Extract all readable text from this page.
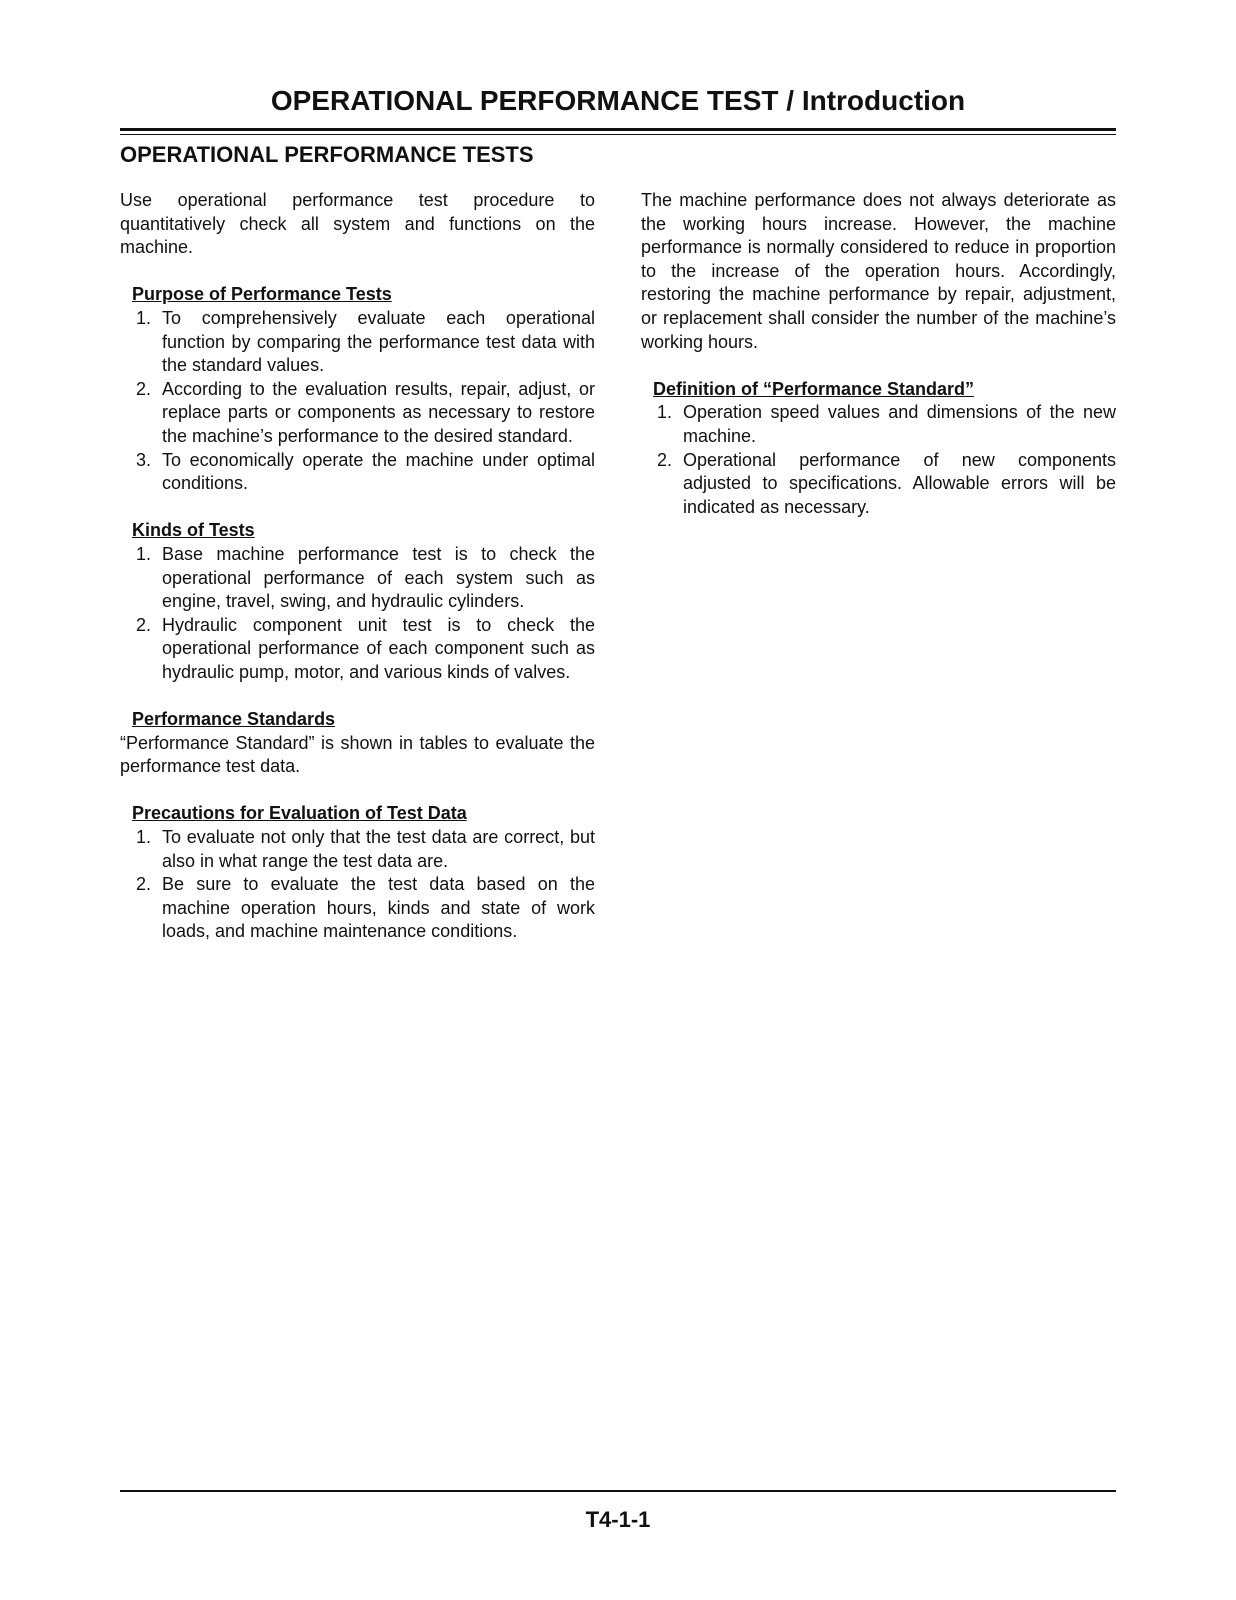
OPERATIONAL PERFORMANCE TEST / Introduction
OPERATIONAL PERFORMANCE TESTS

Use operational performance test procedure to quantitatively check all system and functions on the machine.

Purpose of Performance Tests
1. To comprehensively evaluate each operational function by comparing the performance test data with the standard values.
2. According to the evaluation results, repair, adjust, or replace parts or components as necessary to restore the machine’s performance to the desired standard.
3. To economically operate the machine under optimal conditions.
Kinds of Tests
1. Base machine performance test is to check the operational performance of each system such as engine, travel, swing, and hydraulic cylinders.
2. Hydraulic component unit test is to check the operational performance of each component such as hydraulic pump, motor, and various kinds of valves.
Performance Standards

“Performance Standard” is shown in tables to evaluate the performance test data.

Precautions for Evaluation of Test Data
1. To evaluate not only that the test data are correct, but also in what range the test data are.
2. Be sure to evaluate the test data based on the machine operation hours, kinds and state of work loads, and machine maintenance conditions.

The machine performance does not always deteriorate as the working hours increase. However, the machine performance is normally considered to reduce in proportion to the increase of the operation hours. Accordingly, restoring the machine performance by repair, adjustment, or replacement shall consider the number of the machine’s working hours.

Definition of “Performance Standard”
1. Operation speed values and dimensions of the new machine.
2. Operational performance of new components adjusted to specifications. Allowable errors will be indicated as necessary.
T4-1-1
